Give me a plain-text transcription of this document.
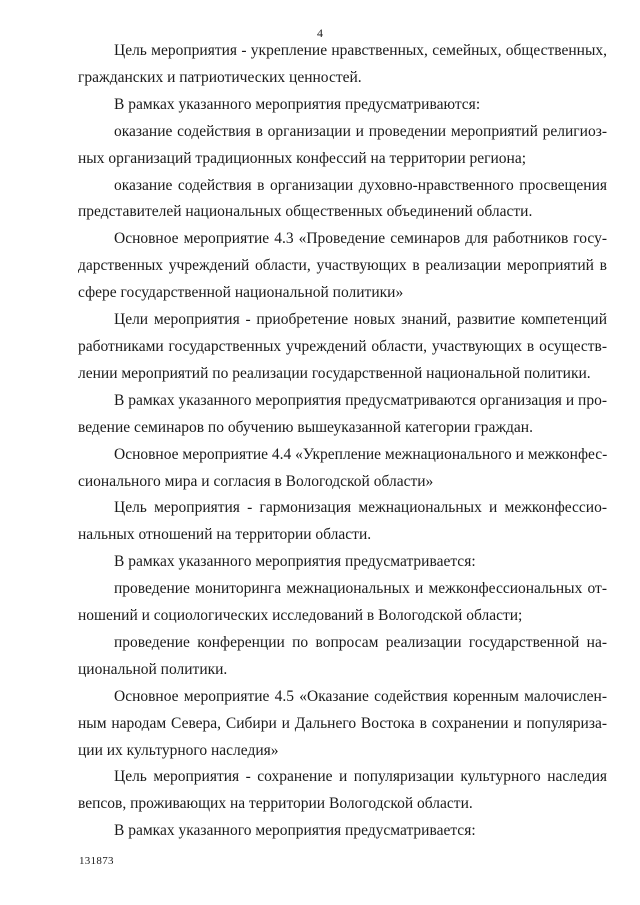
4
Цель мероприятия - укрепление нравственных, семейных, общественных,
гражданских и патриотических ценностей.
В рамках указанного мероприятия предусматриваются:
оказание содействия в организации и проведении мероприятий религиоз-
ных организаций традиционных конфессий на территории региона;
оказание содействия в организации духовно-нравственного просвещения
представителей национальных общественных объединений области.
Основное мероприятие 4.3 «Проведение семинаров для работников госу-
дарственных учреждений области, участвующих в реализации мероприятий в
сфере государственной национальной политики»
Цели мероприятия - приобретение новых знаний, развитие компетенций
работниками государственных учреждений области, участвующих в осуществ-
лении мероприятий по реализации государственной национальной политики.
В рамках указанного мероприятия предусматриваются организация и про-
ведение семинаров по обучению вышеуказанной категории граждан.
Основное мероприятие 4.4 «Укрепление межнационального и межконфес-
сионального мира и согласия в Вологодской области»
Цель мероприятия - гармонизация межнациональных и межконфессио-
нальных отношений на территории области.
В рамках указанного мероприятия предусматривается:
проведение мониторинга межнациональных и межконфессиональных от-
ношений и социологических исследований в Вологодской области;
проведение конференции по вопросам реализации государственной на-
циональной политики.
Основное мероприятие 4.5 «Оказание содействия коренным малочислен-
ным народам Севера, Сибири и Дальнего Востока в сохранении и популяриза-
ции их культурного наследия»
Цель мероприятия - сохранение и популяризации культурного наследия
вепсов, проживающих на территории Вологодской области.
В рамках указанного мероприятия предусматривается:
131873
